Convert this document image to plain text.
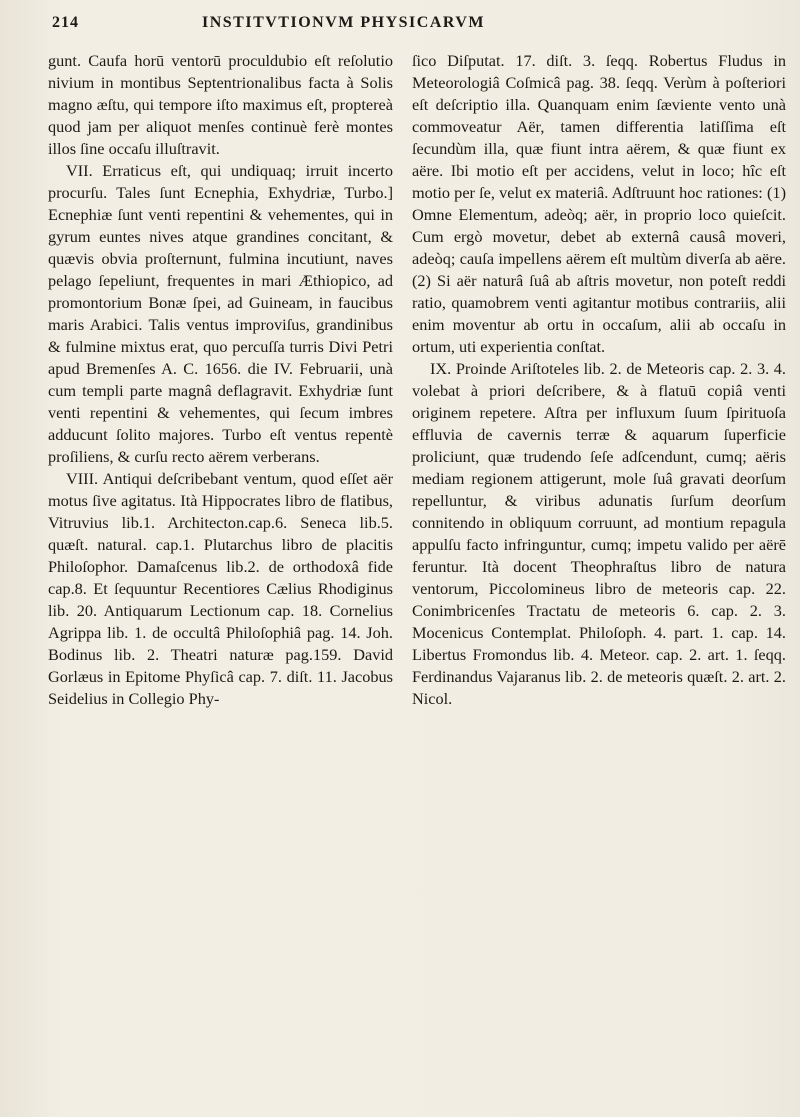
214	INSTITVTIONVM PHYSICARVM

gunt. Caufa horū ventorū proculdubio eſt reſolutio nivium in montibus Septentrionalibus facta à Solis magno æſtu, qui tempore iſto maximus eſt, proptereà quod jam per aliquot menſes continuè ferè montes illos ſine occaſu illuſtravit.

VII. Erraticus eſt, qui undiquaq; irruit incerto procurſu. Tales ſunt Ecnephia, Exhydriæ, Turbo.] Ecnephiæ ſunt venti repentini & vehementes, qui in gyrum euntes nives atque grandines concitant, & quævis obvia proſternunt, fulmina incutiunt, naves pelago ſepeliunt, frequentes in mari Æthiopico, ad promontorium Bonæ ſpei, ad Guineam, in faucibus maris Arabici. Talis ventus improviſus, grandinibus & fulmine mixtus erat, quo percuſſa turris Divi Petri apud Bremenſes A. C. 1656. die IV. Februarii, unà cum templi parte magnâ deflagravit. Exhydriæ ſunt venti repentini & vehementes, qui ſecum imbres adducunt ſolito majores. Turbo eſt ventus repentè proſiliens, & curſu recto aërem verberans.

VIII. Antiqui deſcribebant ventum, quod eſſet aër motus ſive agitatus. Ità Hippocrates libro de flatibus, Vitruvius lib.1. Architecton.cap.6. Seneca lib.5. quæſt. natural. cap.1. Plutarchus libro de placitis Philoſophor. Damaſcenus lib.2. de orthodoxâ fide cap.8. Et ſequuntur Recentiores Cælius Rhodiginus lib. 20. Antiquarum Lectionum cap. 18. Cornelius Agrippa lib. 1. de occultâ Philoſophiâ pag. 14. Joh. Bodinus lib. 2. Theatri naturæ pag.159. David Gorlæus in Epitome Phyſicâ cap. 7. diſt. 11. Jacobus Seidelius in Collegio Phy-

ſico Diſputat. 17. diſt. 3. ſeqq. Robertus Fludus in Meteorologiâ Coſmicâ pag. 38. ſeqq. Verùm à poſteriori eſt deſcriptio illa. Quanquam enim ſæviente vento unà commoveatur Aër, tamen differentia latiſſima eſt ſecundùm illa, quæ fiunt intra aërem, & quæ fiunt ex aëre. Ibi motio eſt per accidens, velut in loco; hîc eſt motio per ſe, velut ex materiâ. Adſtruunt hoc rationes: (1) Omne Elementum, adeòq; aër, in proprio loco quieſcit. Cum ergò movetur, debet ab externâ causâ moveri, adeòq; cauſa impellens aërem eſt multùm diverſa ab aëre. (2) Si aër naturâ ſuâ ab aſtris movetur, non poteſt reddi ratio, quamobrem venti agitantur motibus contrariis, alii enim moventur ab ortu in occaſum, alii ab occaſu in ortum, uti experientia conſtat.

IX. Proinde Ariſtoteles lib. 2. de Meteoris cap. 2. 3. 4. volebat à priori deſcribere, & à flatuū copiâ venti originem repetere. Aſtra per influxum ſuum ſpirituoſa effluvia de cavernis terræ & aquarum ſuperficie proliciunt, quæ trudendo ſeſe adſcendunt, cumq; aëris mediam regionem attigerunt, mole ſuâ gravati deorſum repelluntur, & viribus adunatis ſurſum deorſum connitendo in obliquum corruunt, ad montium repagula appulſu facto infringuntur, cumq; impetu valido per aërē feruntur. Ità docent Theophraſtus libro de natura ventorum, Piccolomineus libro de meteoris cap. 22. Conimbricenſes Tractatu de meteoris 6. cap. 2. 3. Mocenicus Contemplat. Philoſoph. 4. part. 1. cap. 14. Libertus Fromondus lib. 4. Meteor. cap. 2. art. 1. ſeqq. Ferdinandus Vajaranus lib. 2. de meteoris quæſt. 2. art. 2. Nicol.
